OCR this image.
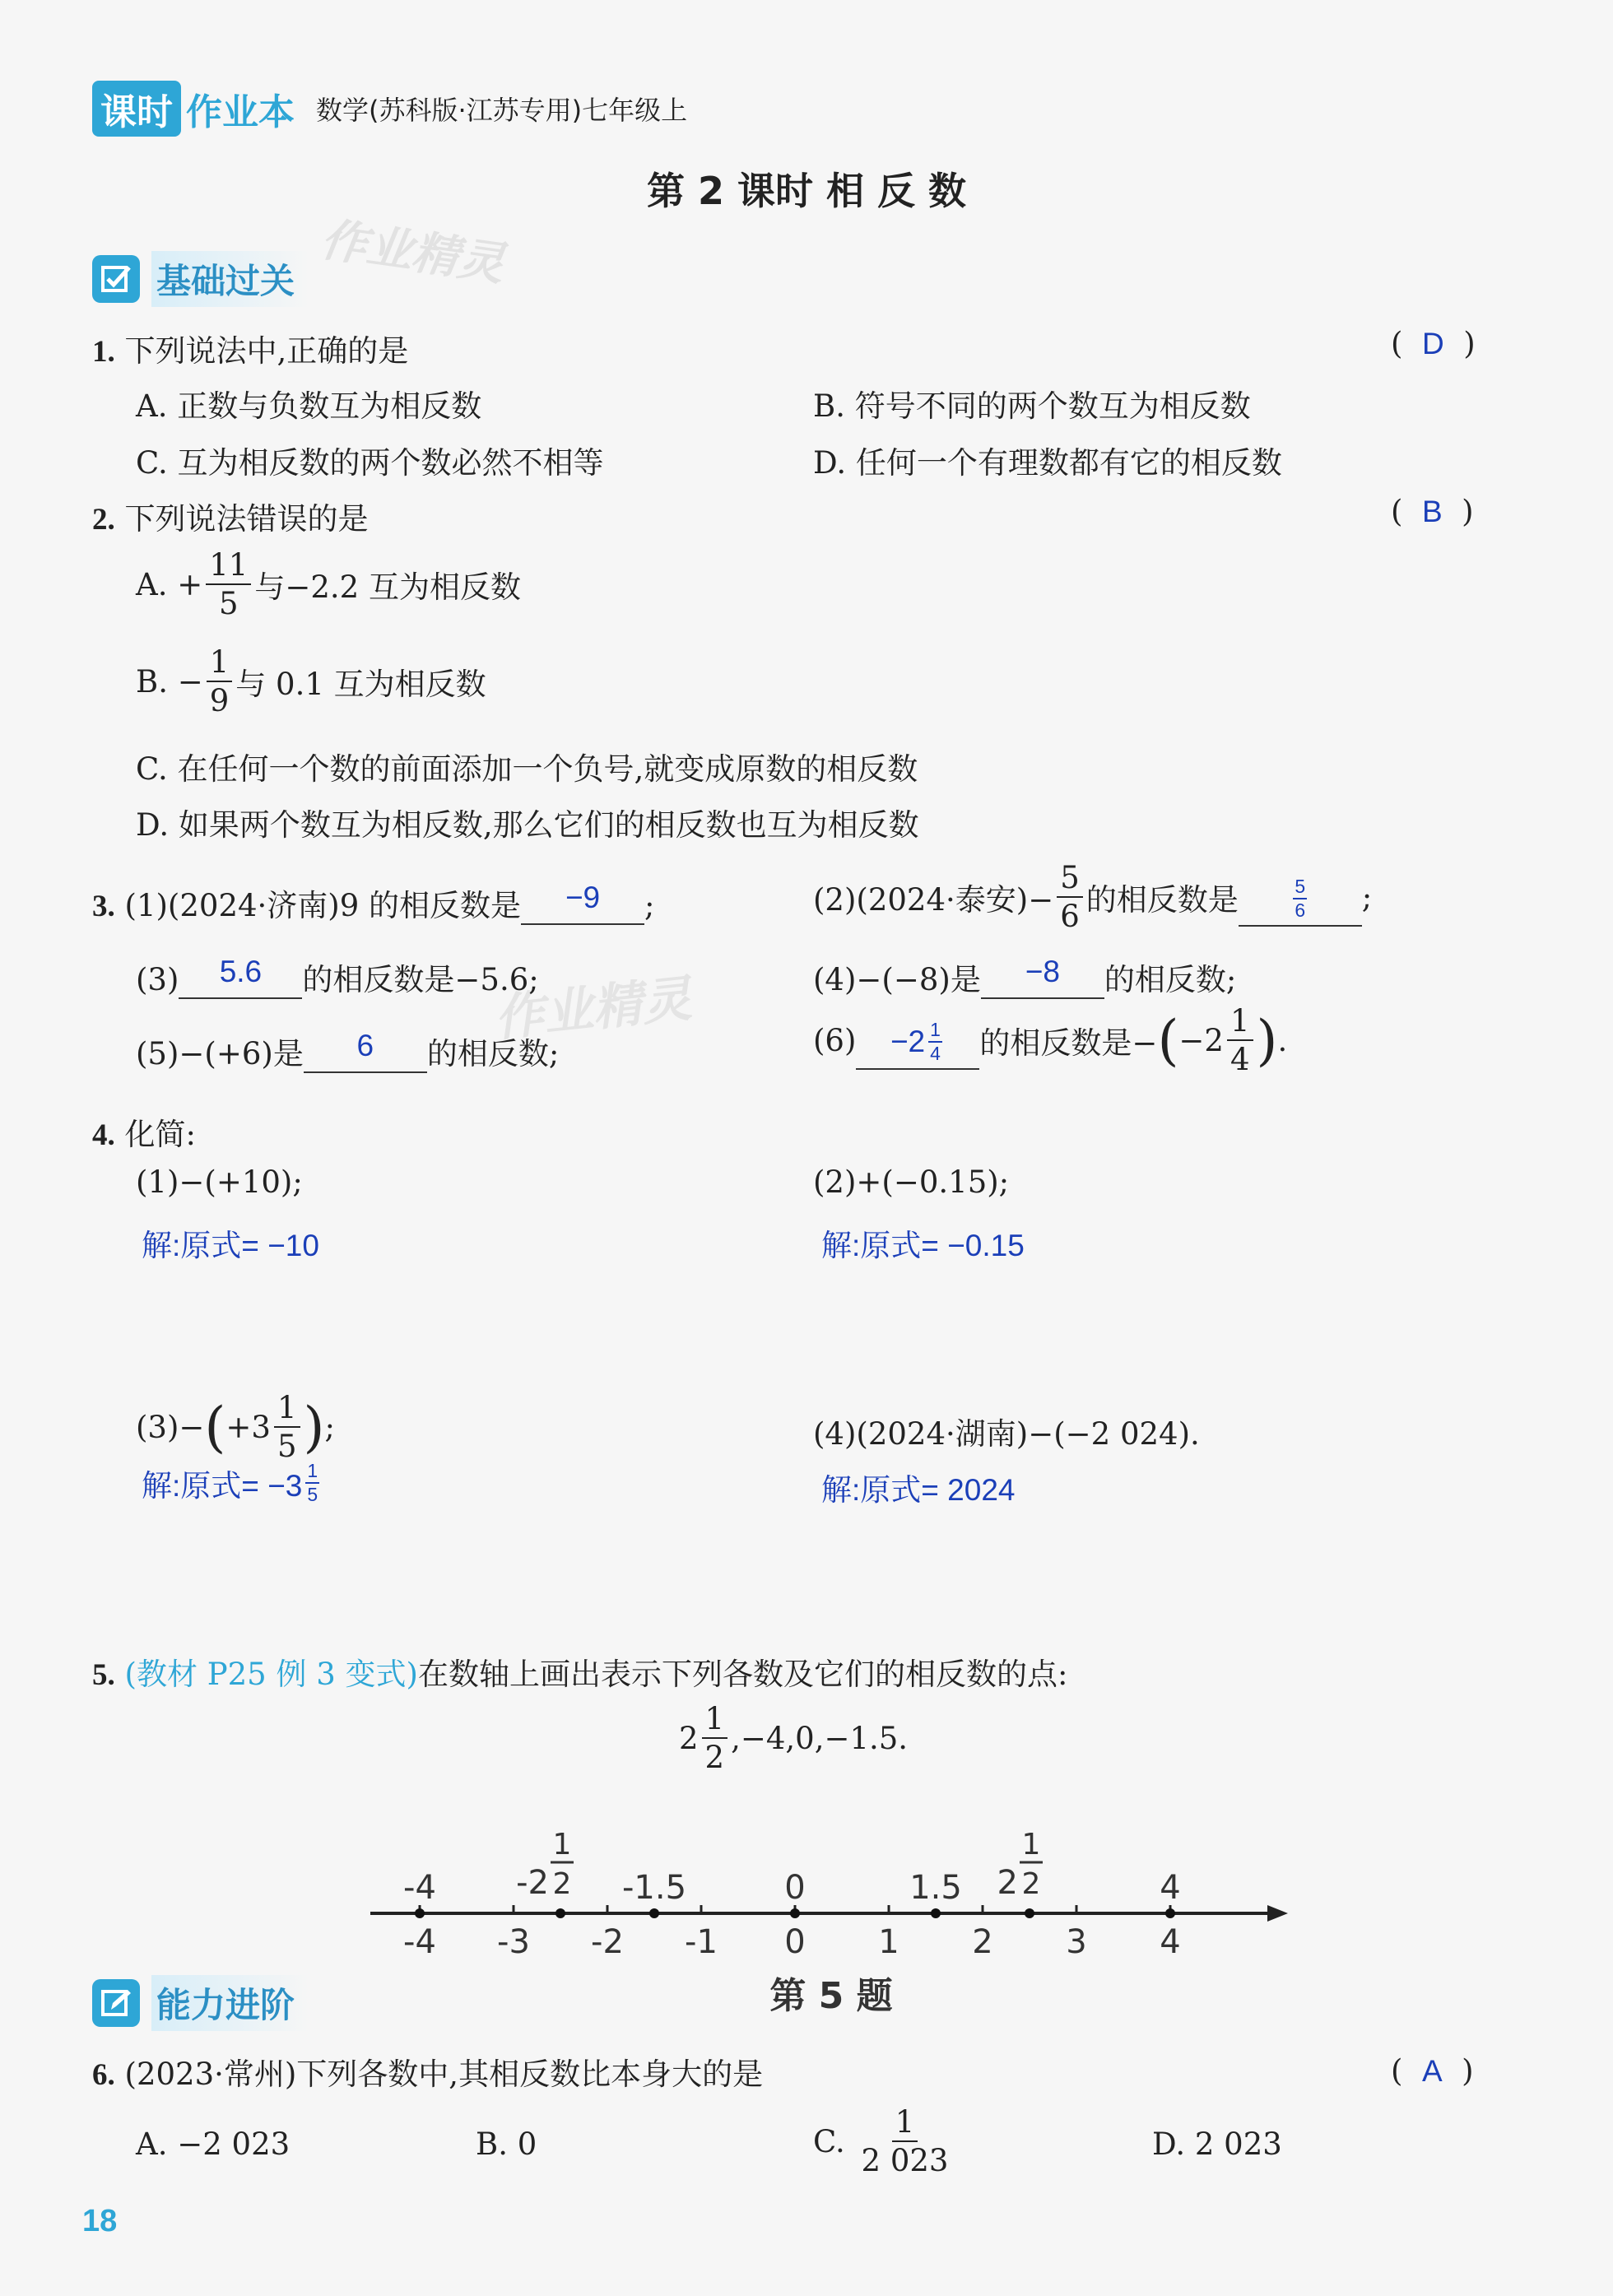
课时 作业本 数学(苏科版·江苏专用)七年级上
第 2 课时 相 反 数
作业精灵
作业精灵
基础过关
1. 下列说法中,正确的是	(  D  )
A. 正数与负数互为相反数	B. 符号不同的两个数互为相反数
C. 互为相反数的两个数必然不相等	D. 任何一个有理数都有它的相反数
2. 下列说法错误的是	(  B  )
A. + $\frac{11}{5}$ 与−2.2 互为相反数
B. − $\frac{1}{9}$ 与 0.1 互为相反数
C. 在任何一个数的前面添加一个负号,就变成原数的相反数
D. 如果两个数互为相反数,那么它们的相反数也互为相反数
3. (1)(2024·济南)9 的相反数是	−9	;	(2)(2024·泰安)− $\frac{5}{6}$ 的相反数是	$\frac{5}{6}$ ;
(3)	5.6	的相反数是−5.6;	(4)−(−8)是	−8	的相反数;
(5)−(+6)是	6	的相反数;	$(6) -2 \frac{1}{4}$ 的相反数是− ( $-2 \frac{1}{4}$ ) .
4. 化简:
(1)−(+10);	(2)+(−0.15);
解:原式= −10	解:原式= −0.15
(3)− ( $+3 \frac{1}{5}$ ) ;	(4)(2024·湖南)−(−2 024).
解:原式= $-3 \frac{1}{5}$	解:原式= 2024
5. (教材 P25 例 3 变式)在数轴上画出表示下列各数及它们的相反数的点:
$2 \frac{1}{2} ,-4,0,-1.5$.
-4 -3 -2 -1 0 1 2 3 4
-4 -2
1
2 -1.5	0	1.5 2
1
2	4
第 5 题
能力进阶
6. (2023·常州)下列各数中,其相反数比本身大的是	(  A  )
A. −2 023	B. 0	C.
$\frac{1}{2 023}$	D. 2 023
18
